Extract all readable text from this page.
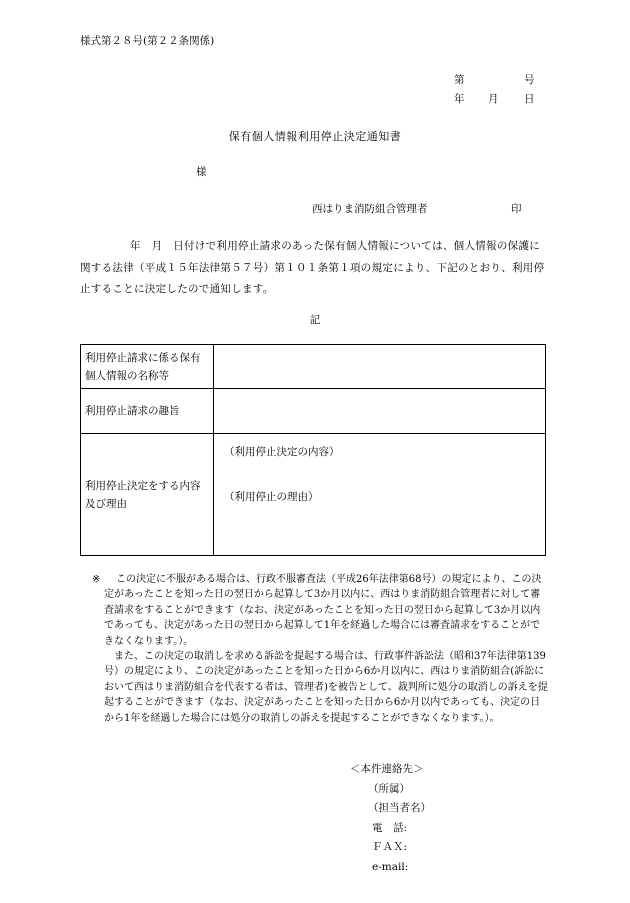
様式第２８号(第２２条関係)
第	号
年 月 日
保有個人情報利用停止決定通知書
様
西はりま消防組合管理者	印

年　月　日付けで利用停止請求のあった保有個人情報については、個人情報の保護に関する法律（平成１５年法律第５７号）第１０１条第１項の規定により、下記のとおり、利用停止することに決定したので通知します。

記
利用停止請求に係る保有個人情報の名称等	
利用停止請求の趣旨	
利用停止決定をする内容及び理由	（利用停止決定の内容）
（利用停止の理由）
※	この決定に不服がある場合は、行政不服審査法（平成26年法律第68号）の規定により、この決定があったことを知った日の翌日から起算して3か月以内に、西はりま消防組合管理者に対して審査請求をすることができます（なお、決定があったことを知った日の翌日から起算して3か月以内であっても、決定があった日の翌日から起算して1年を経過した場合には審査請求をすることができなくなります。）。

また、この決定の取消しを求める訴訟を提起する場合は、行政事件訴訟法（昭和37年法律第139号）の規定により、この決定があったことを知った日から6か月以内に、西はりま消防組合(訴訟において西はりま消防組合を代表する者は、管理者)を被告として、裁判所に処分の取消しの訴えを提起することができます（なお、決定があったことを知った日から6か月以内であっても、決定の日から1年を経過した場合には処分の取消しの訴えを提起することができなくなります。）。

＜本件連絡先＞
（所属）
（担当者名）
電　話:
ＦＡＸ:
e-mail:
